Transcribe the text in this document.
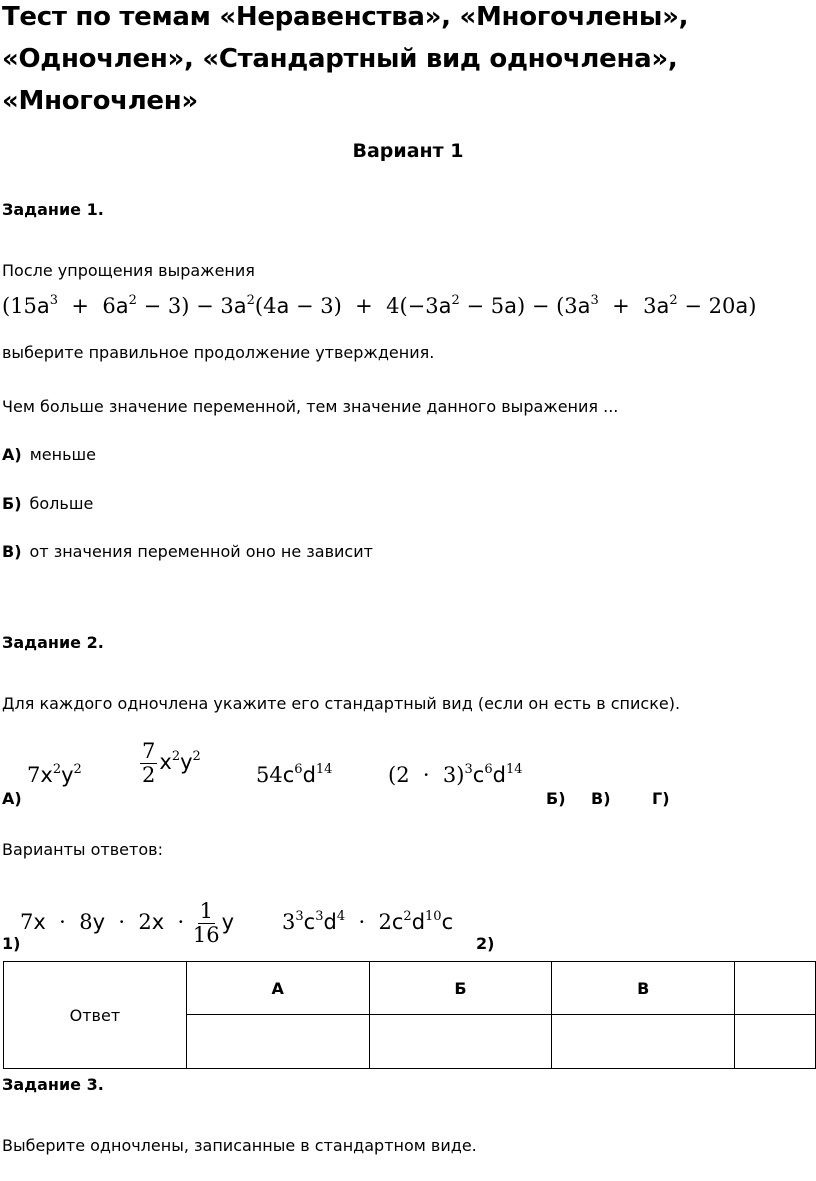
Тест по темам «Неравенства», «Многочлены»,
«Одночлен», «Стандартный вид одночлена»,
«Многочлен»
Вариант 1
Задание 1.
После упрощения выражения
$(15a^3 + 6a^2 - 3) - 3a^2(4a - 3) + 4(-3a^2 - 5a) - (3a^3 + 3a^2 - 20a)$
выберите правильное продолжение утверждения.
Чем больше значение переменной, тем значение данного выражения ...
А) меньше
Б) больше
В) от значения переменной оно не зависит
Задание 2.
Для каждого одночлена укажите его стандартный вид (если он есть в списке).
$7x^2y^2$	$\frac{7}{2} x^2y^2$
$54c^6d^{14}$	$(2 \cdot 3)^3c^6d^{14}$
А)	Б) В)	Г)
Варианты ответов:
$7x \cdot 8y \cdot 2x \cdot \frac{1}{16}$ y $3^3c^3d^4 \cdot 2c^2d^{10}c$
1)	2)
Ответ	А	Б	В	

Задание 3.
Выберите одночлены, записанные в стандартном виде.
